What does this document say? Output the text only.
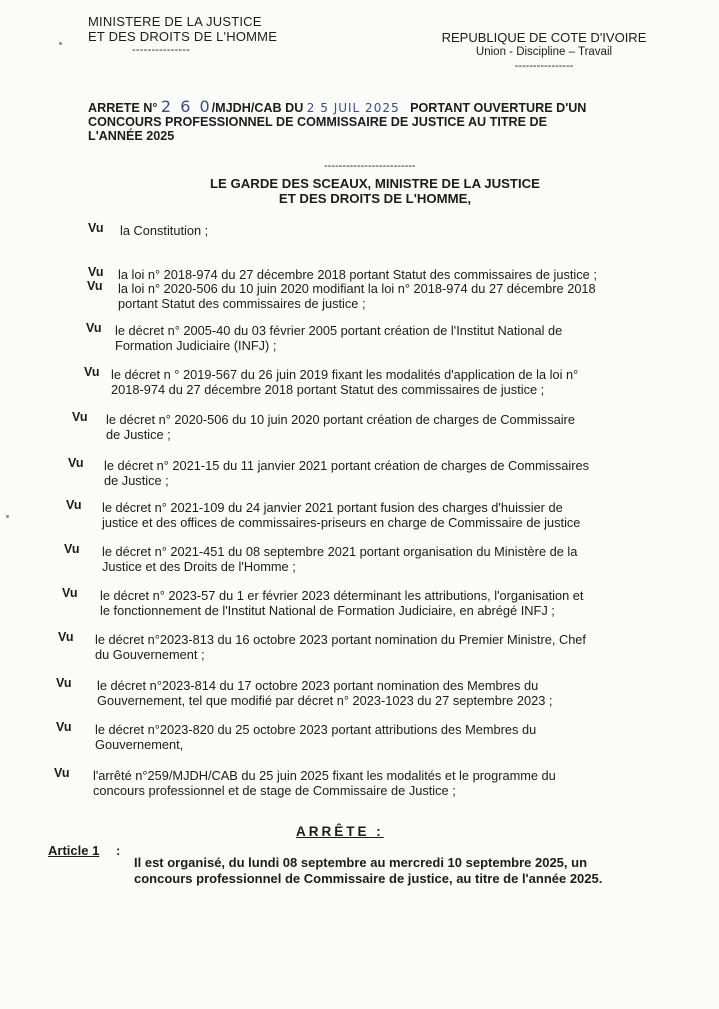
MINISTERE DE LA JUSTICE
ET DES DROITS DE L'HOMME
---------------
REPUBLIQUE DE COTE D'IVOIRE
Union - Discipline – Travail
----------------
ARRETE N° 2 6 0/MJDH/CAB DU 2 5 JUIL 2025 PORTANT OUVERTURE D'UN
CONCOURS PROFESSIONNEL DE COMMISSAIRE DE JUSTICE AU TITRE DE
L'ANNÉE 2025
-------------------------
LE GARDE DES SCEAUX, MINISTRE DE LA JUSTICE
ET DES DROITS DE L'HOMME,
Vu la Constitution ;
Vu la loi n° 2018-974 du 27 décembre 2018 portant Statut des commissaires de justice ;
Vu la loi n° 2020-506 du 10 juin 2020 modifiant la loi n° 2018-974 du 27 décembre 2018
portant Statut des commissaires de justice ;
Vu le décret n° 2005-40 du 03 février 2005 portant création de l'Institut National de
Formation Judiciaire (INFJ) ;
Vu le décret n ° 2019-567 du 26 juin 2019 fixant les modalités d'application de la loi n°
2018-974 du 27 décembre 2018 portant Statut des commissaires de justice ;
Vu le décret n° 2020-506 du 10 juin 2020 portant création de charges de Commissaire
de Justice ;
Vu le décret n° 2021-15 du 11 janvier 2021 portant création de charges de Commissaires
de Justice ;
Vu le décret n° 2021-109 du 24 janvier 2021 portant fusion des charges d'huissier de
justice et des offices de commissaires-priseurs en charge de Commissaire de justice
Vu le décret n° 2021-451 du 08 septembre 2021 portant organisation du Ministère de la
Justice et des Droits de l'Homme ;
Vu le décret n° 2023-57 du 1 er février 2023 déterminant les attributions, l'organisation et
le fonctionnement de l'Institut National de Formation Judiciaire, en abrégé INFJ ;
Vu le décret n°2023-813 du 16 octobre 2023 portant nomination du Premier Ministre, Chef
du Gouvernement ;
Vu le décret n°2023-814 du 17 octobre 2023 portant nomination des Membres du
Gouvernement, tel que modifié par décret n° 2023-1023 du 27 septembre 2023 ;
Vu le décret n°2023-820 du 25 octobre 2023 portant attributions des Membres du
Gouvernement,
Vu l'arrêté n°259/MJDH/CAB du 25 juin 2025 fixant les modalités et le programme du
concours professionnel et de stage de Commissaire de Justice ;
ARRÊTE :
Article 1 :
Il est organisé, du lundi 08 septembre au mercredi 10 septembre 2025, un concours professionnel de Commissaire de justice, au titre de l'année 2025.
